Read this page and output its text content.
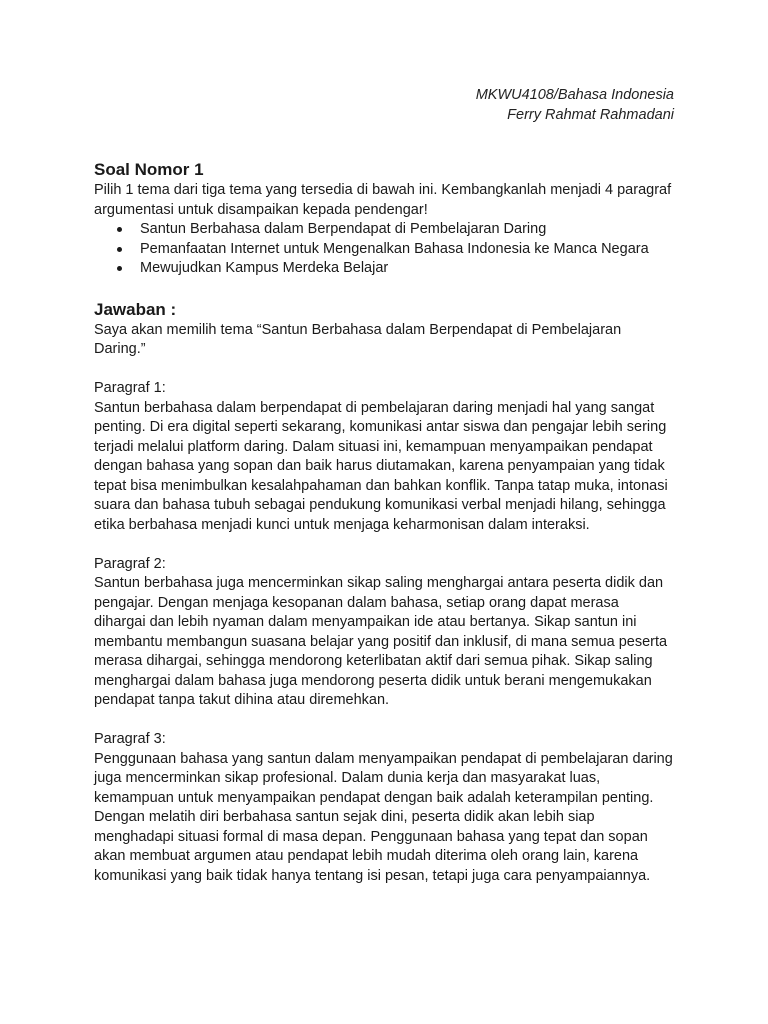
MKWU4108/Bahasa Indonesia
Ferry Rahmat Rahmadani
Soal Nomor 1

Pilih 1 tema dari tiga tema yang tersedia di bawah ini. Kembangkanlah menjadi 4 paragraf argumentasi untuk disampaikan kepada pendengar!

Santun Berbahasa dalam Berpendapat di Pembelajaran Daring
Pemanfaatan Internet untuk Mengenalkan Bahasa Indonesia ke Manca Negara
Mewujudkan Kampus Merdeka Belajar
Jawaban :

Saya akan memilih tema “Santun Berbahasa dalam Berpendapat di Pembelajaran Daring.”

Paragraf 1:

Santun berbahasa dalam berpendapat di pembelajaran daring menjadi hal yang sangat penting. Di era digital seperti sekarang, komunikasi antar siswa dan pengajar lebih sering terjadi melalui platform daring. Dalam situasi ini, kemampuan menyampaikan pendapat dengan bahasa yang sopan dan baik harus diutamakan, karena penyampaian yang tidak tepat bisa menimbulkan kesalahpahaman dan bahkan konflik. Tanpa tatap muka, intonasi suara dan bahasa tubuh sebagai pendukung komunikasi verbal menjadi hilang, sehingga etika berbahasa menjadi kunci untuk menjaga keharmonisan dalam interaksi.

Paragraf 2:

Santun berbahasa juga mencerminkan sikap saling menghargai antara peserta didik dan pengajar. Dengan menjaga kesopanan dalam bahasa, setiap orang dapat merasa dihargai dan lebih nyaman dalam menyampaikan ide atau bertanya. Sikap santun ini membantu membangun suasana belajar yang positif dan inklusif, di mana semua peserta merasa dihargai, sehingga mendorong keterlibatan aktif dari semua pihak. Sikap saling menghargai dalam bahasa juga mendorong peserta didik untuk berani mengemukakan pendapat tanpa takut dihina atau diremehkan.

Paragraf 3:

Penggunaan bahasa yang santun dalam menyampaikan pendapat di pembelajaran daring juga mencerminkan sikap profesional. Dalam dunia kerja dan masyarakat luas, kemampuan untuk menyampaikan pendapat dengan baik adalah keterampilan penting. Dengan melatih diri berbahasa santun sejak dini, peserta didik akan lebih siap menghadapi situasi formal di masa depan. Penggunaan bahasa yang tepat dan sopan akan membuat argumen atau pendapat lebih mudah diterima oleh orang lain, karena komunikasi yang baik tidak hanya tentang isi pesan, tetapi juga cara penyampaiannya.
